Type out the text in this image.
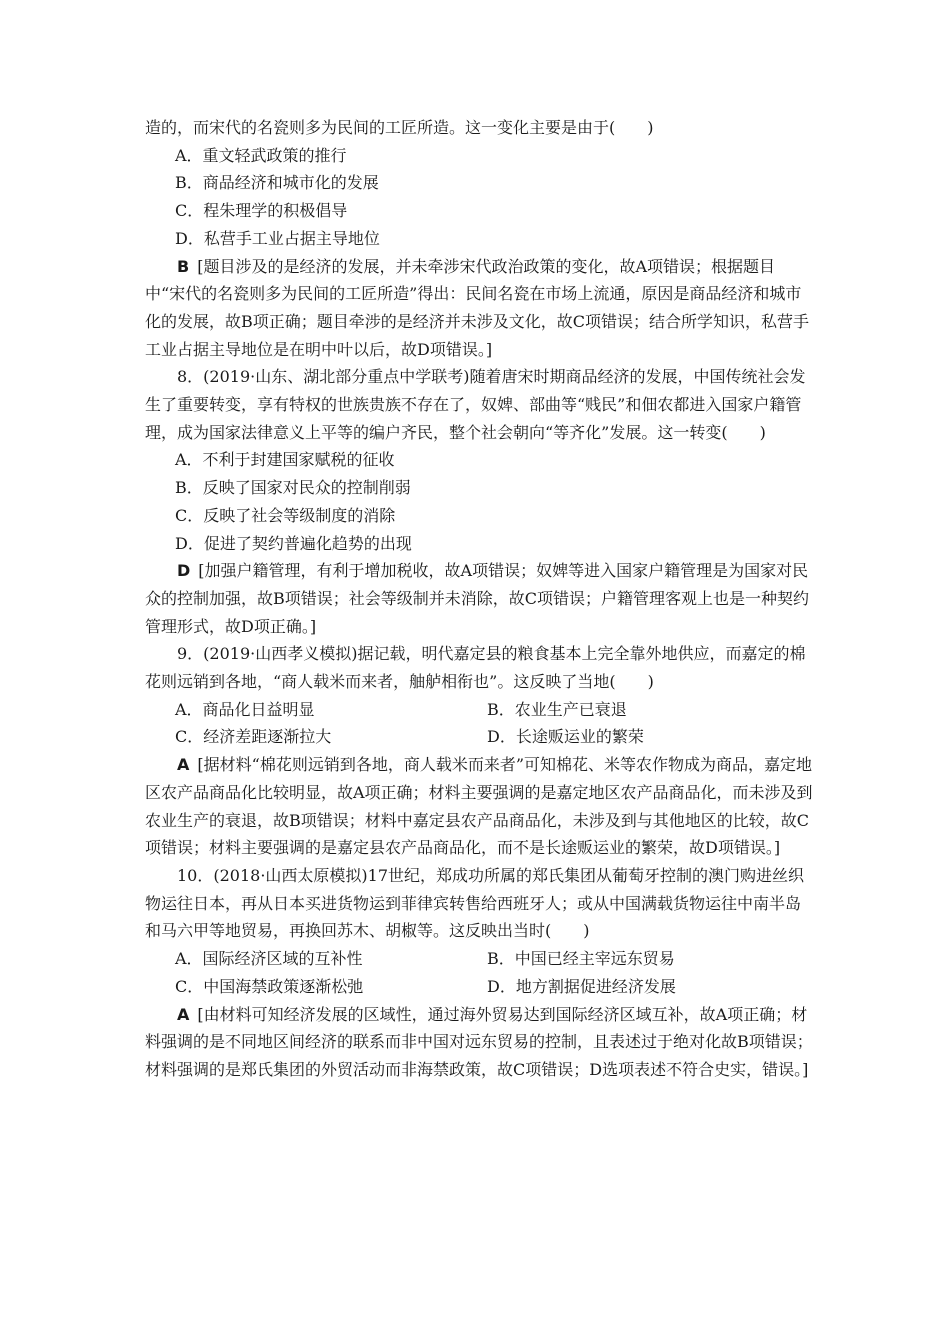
造的，而宋代的名瓷则多为民间的工匠所造。这一变化主要是由于(　　)

A．重文轻武政策的推行

B．商品经济和城市化的发展

C．程朱理学的积极倡导

D．私营手工业占据主导地位

B [题目涉及的是经济的发展，并未牵涉宋代政治政策的变化，故A项错误；根据题目中“宋代的名瓷则多为民间的工匠所造”得出：民间名瓷在市场上流通，原因是商品经济和城市化的发展，故B项正确；题目牵涉的是经济并未涉及文化，故C项错误；结合所学知识，私营手工业占据主导地位是在明中叶以后，故D项错误。]

8．(2019·山东、湖北部分重点中学联考)随着唐宋时期商品经济的发展，中国传统社会发生了重要转变，享有特权的世族贵族不存在了，奴婢、部曲等“贱民”和佃农都进入国家户籍管理，成为国家法律意义上平等的编户齐民，整个社会朝向“等齐化”发展。这一转变(　　)

A．不利于封建国家赋税的征收

B．反映了国家对民众的控制削弱

C．反映了社会等级制度的消除

D．促进了契约普遍化趋势的出现

D [加强户籍管理，有利于增加税收，故A项错误；奴婢等进入国家户籍管理是为国家对民众的控制加强，故B项错误；社会等级制并未消除，故C项错误；户籍管理客观上也是一种契约管理形式，故D项正确。]

9．(2019·山西孝义模拟)据记载，明代嘉定县的粮食基本上完全靠外地供应，而嘉定的棉花则远销到各地，“商人载米而来者，舳舻相衔也”。这反映了当地(　　)

A．商品化日益明显	B．农业生产已衰退
C．经济差距逐渐拉大	D．长途贩运业的繁荣

A [据材料“棉花则远销到各地，商人载米而来者”可知棉花、米等农作物成为商品，嘉定地区农产品商品化比较明显，故A项正确；材料主要强调的是嘉定地区农产品商品化，而未涉及到农业生产的衰退，故B项错误；材料中嘉定县农产品商品化，未涉及到与其他地区的比较，故C项错误；材料主要强调的是嘉定县农产品商品化，而不是长途贩运业的繁荣，故D项错误。]

10．(2018·山西太原模拟)17世纪，郑成功所属的郑氏集团从葡萄牙控制的澳门购进丝织物运往日本，再从日本买进货物运到菲律宾转售给西班牙人；或从中国满载货物运往中南半岛和马六甲等地贸易，再换回苏木、胡椒等。这反映出当时(　　)

A．国际经济区域的互补性	B．中国已经主宰远东贸易
C．中国海禁政策逐渐松弛	D．地方割据促进经济发展

A [由材料可知经济发展的区域性，通过海外贸易达到国际经济区域互补，故A项正确；材料强调的是不同地区间经济的联系而非中国对远东贸易的控制，且表述过于绝对化故B项错误；材料强调的是郑氏集团的外贸活动而非海禁政策，故C项错误；D选项表述不符合史实，错误。]
